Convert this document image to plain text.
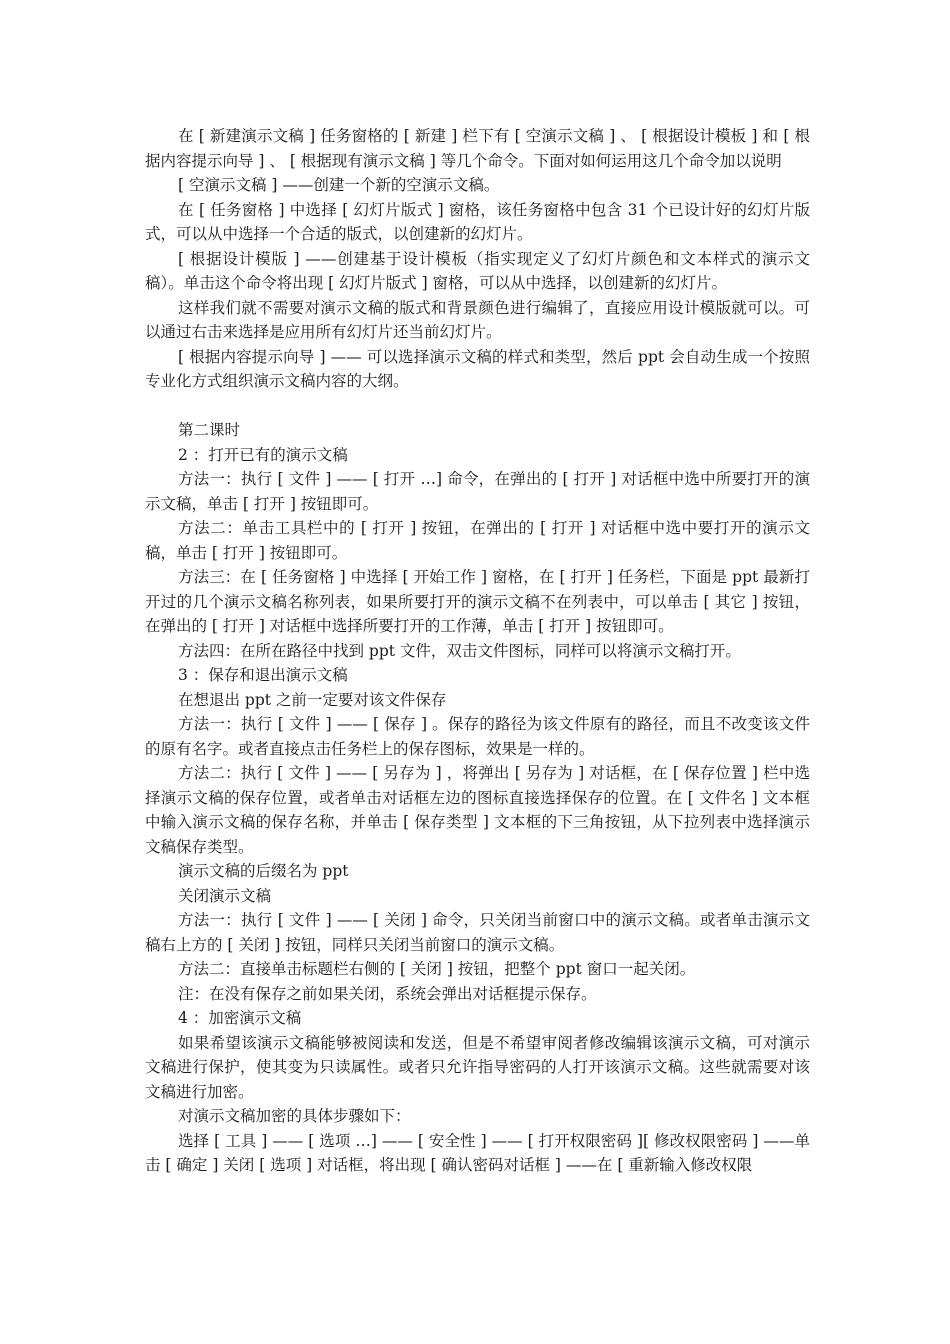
在 [ 新建演示文稿 ] 任务窗格的 [ 新建 ] 栏下有 [ 空演示文稿 ] 、 [ 根据设计模板 ] 和 [ 根据内容提示向导 ] 、 [ 根据现有演示文稿 ] 等几个命令。下面对如何运用这几个命令加以说明

[ 空演示文稿 ] ——创建一个新的空演示文稿。

在 [ 任务窗格 ] 中选择 [ 幻灯片版式 ] 窗格，该任务窗格中包含 31 个已设计好的幻灯片版式，可以从中选择一个合适的版式，以创建新的幻灯片。

[ 根据设计模版 ] ——创建基于设计模板（指实现定义了幻灯片颜色和文本样式的演示文稿）。单击这个命令将出现 [ 幻灯片版式 ] 窗格，可以从中选择，以创建新的幻灯片。

这样我们就不需要对演示文稿的版式和背景颜色进行编辑了，直接应用设计模版就可以。可以通过右击来选择是应用所有幻灯片还当前幻灯片。

[ 根据内容提示向导 ] —— 可以选择演示文稿的样式和类型，然后 ppt 会自动生成一个按照专业化方式组织演示文稿内容的大纲。

第二课时

2 ：打开已有的演示文稿

方法一：执行 [ 文件 ] —— [ 打开 …] 命令，在弹出的 [ 打开 ] 对话框中选中所要打开的演示文稿，单击 [ 打开 ] 按钮即可。

方法二：单击工具栏中的 [ 打开 ] 按钮，在弹出的 [ 打开 ] 对话框中选中要打开的演示文稿，单击 [ 打开 ] 按钮即可。

方法三：在 [ 任务窗格 ] 中选择 [ 开始工作 ] 窗格，在 [ 打开 ] 任务栏，下面是 ppt 最新打开过的几个演示文稿名称列表，如果所要打开的演示文稿不在列表中，可以单击 [ 其它 ] 按钮，在弹出的 [ 打开 ] 对话框中选择所要打开的工作薄，单击 [ 打开 ] 按钮即可。

方法四：在所在路径中找到 ppt 文件，双击文件图标，同样可以将演示文稿打开。

3 ：保存和退出演示文稿

在想退出 ppt 之前一定要对该文件保存

方法一：执行 [ 文件 ] —— [ 保存 ] 。保存的路径为该文件原有的路径，而且不改变该文件的原有名字。或者直接点击任务栏上的保存图标，效果是一样的。

方法二：执行 [ 文件 ] —— [ 另存为 ] ，将弹出 [ 另存为 ] 对话框，在 [ 保存位置 ] 栏中选择演示文稿的保存位置，或者单击对话框左边的图标直接选择保存的位置。在 [ 文件名 ] 文本框中输入演示文稿的保存名称，并单击 [ 保存类型 ] 文本框的下三角按钮，从下拉列表中选择演示文稿保存类型。

演示文稿的后缀名为 ppt

关闭演示文稿

方法一：执行 [ 文件 ] —— [ 关闭 ] 命令，只关闭当前窗口中的演示文稿。或者单击演示文稿右上方的 [ 关闭 ] 按钮，同样只关闭当前窗口的演示文稿。

方法二：直接单击标题栏右侧的 [ 关闭 ] 按钮，把整个 ppt 窗口一起关闭。

注：在没有保存之前如果关闭，系统会弹出对话框提示保存。

4 ：加密演示文稿

如果希望该演示文稿能够被阅读和发送，但是不希望审阅者修改编辑该演示文稿，可对演示文稿进行保护，使其变为只读属性。或者只允许指导密码的人打开该演示文稿。这些就需要对该文稿进行加密。

对演示文稿加密的具体步骤如下：

选择 [ 工具 ] —— [ 选项 …] —— [ 安全性 ] —— [ 打开权限密码 ][ 修改权限密码 ] ——单击 [ 确定 ] 关闭 [ 选项 ] 对话框，将出现 [ 确认密码对话框 ] ——在 [ 重新输入修改权限
